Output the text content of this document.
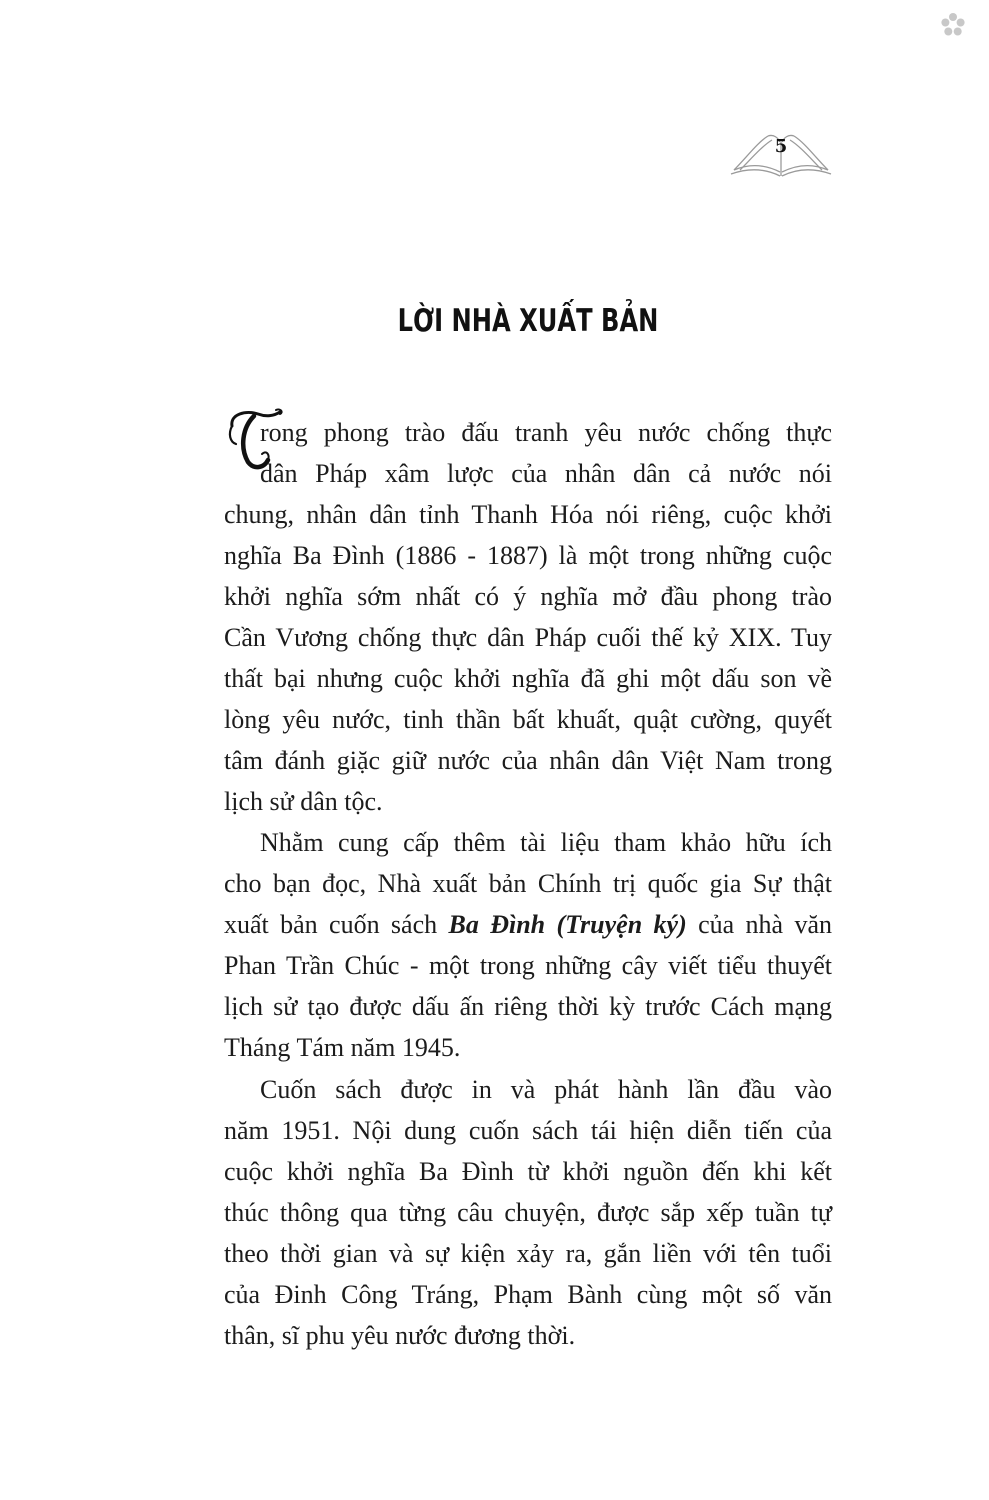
5
LỜI NHÀ XUẤT BẢN
rong phong trào đấu tranh yêu nước chống thực
dân Pháp xâm lược của nhân dân cả nước nói
chung, nhân dân tỉnh Thanh Hóa nói riêng, cuộc khởi
nghĩa Ba Đình (1886 - 1887) là một trong những cuộc
khởi nghĩa sớm nhất có ý nghĩa mở đầu phong trào
Cần Vương chống thực dân Pháp cuối thế kỷ XIX. Tuy
thất bại nhưng cuộc khởi nghĩa đã ghi một dấu son về
lòng yêu nước, tinh thần bất khuất, quật cường, quyết
tâm đánh giặc giữ nước của nhân dân Việt Nam trong
lịch sử dân tộc.
Nhằm cung cấp thêm tài liệu tham khảo hữu ích
cho bạn đọc, Nhà xuất bản Chính trị quốc gia Sự thật
xuất bản cuốn sách Ba Đình (Truyện ký) của nhà văn
Phan Trần Chúc - một trong những cây viết tiểu thuyết
lịch sử tạo được dấu ấn riêng thời kỳ trước Cách mạng
Tháng Tám năm 1945.
Cuốn sách được in và phát hành lần đầu vào
năm 1951. Nội dung cuốn sách tái hiện diễn tiến của
cuộc khởi nghĩa Ba Đình từ khởi nguồn đến khi kết
thúc thông qua từng câu chuyện, được sắp xếp tuần tự
theo thời gian và sự kiện xảy ra, gắn liền với tên tuổi
của Đinh Công Tráng, Phạm Bành cùng một số văn
thân, sĩ phu yêu nước đương thời.
